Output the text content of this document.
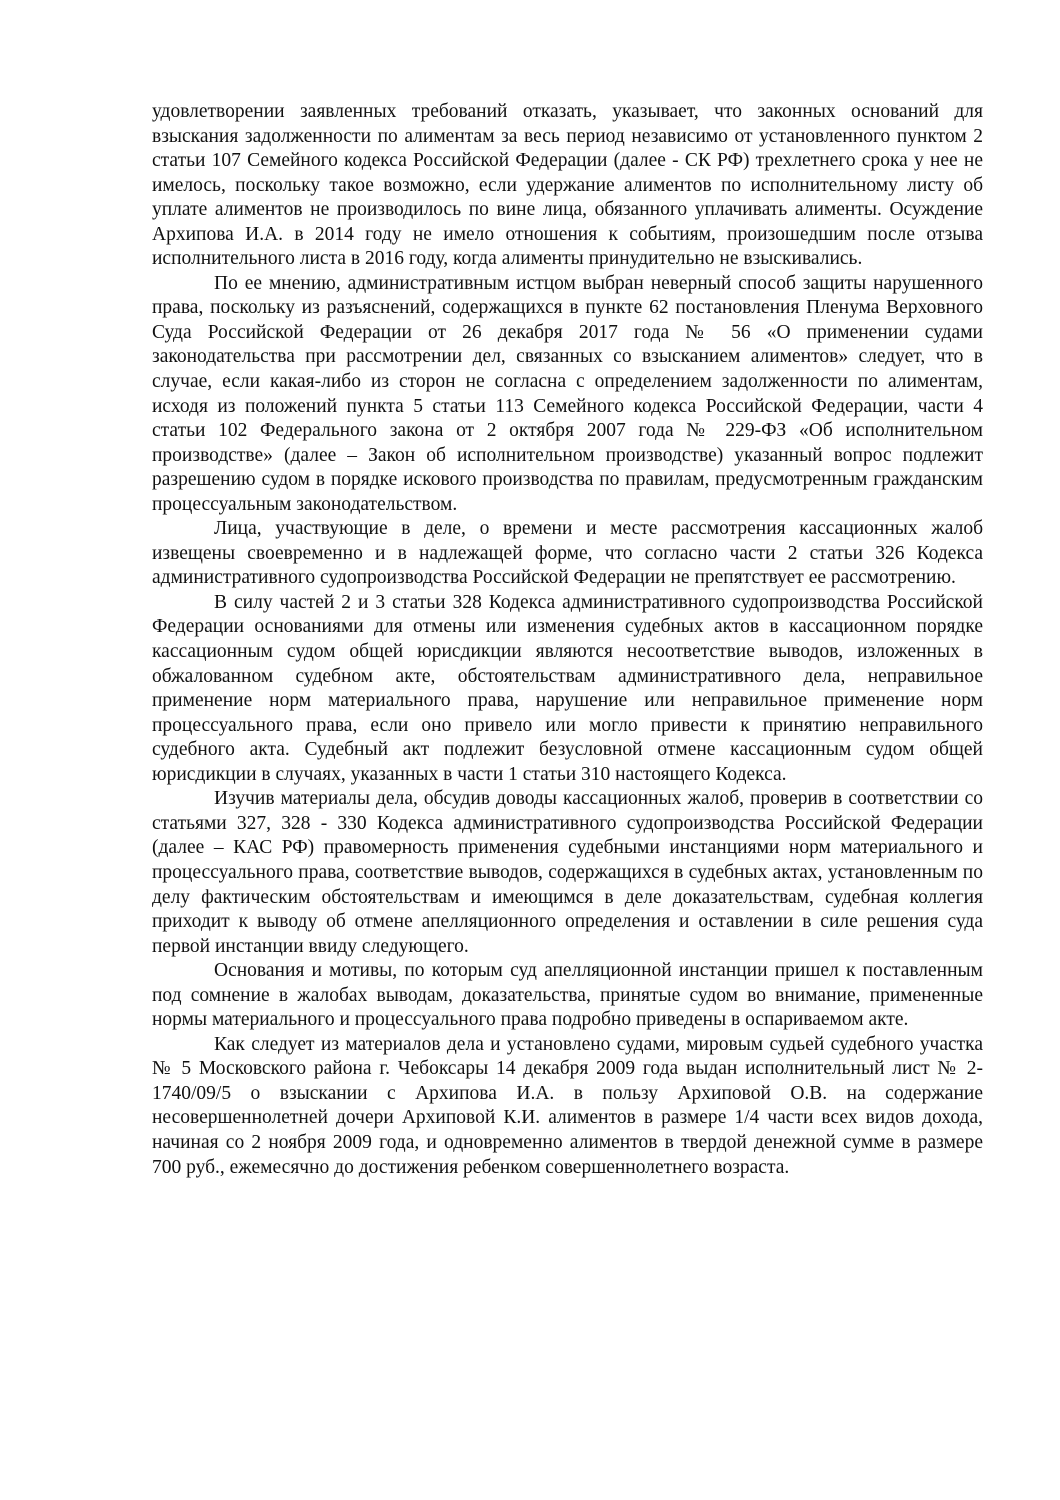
удовлетворении заявленных требований отказать, указывает, что законных оснований для взыскания задолженности по алиментам за весь период независимо от установленного пунктом 2 статьи 107 Семейного кодекса Российской Федерации (далее - СК РФ) трехлетнего срока у нее не имелось, поскольку такое возможно, если удержание алиментов по исполнительному листу об уплате алиментов не производилось по вине лица, обязанного уплачивать алименты. Осуждение Архипова И.А. в 2014 году не имело отношения к событиям, произошедшим после отзыва исполнительного листа в 2016 году, когда алименты принудительно не взыскивались.

По ее мнению, административным истцом выбран неверный способ защиты нарушенного права, поскольку из разъяснений, содержащихся в пункте 62 постановления Пленума Верховного Суда Российской Федерации от 26 декабря 2017 года № 56 «О применении судами законодательства при рассмотрении дел, связанных со взысканием алиментов» следует, что в случае, если какая-либо из сторон не согласна с определением задолженности по алиментам, исходя из положений пункта 5 статьи 113 Семейного кодекса Российской Федерации, части 4 статьи 102 Федерального закона от 2 октября 2007 года № 229-ФЗ «Об исполнительном производстве» (далее – Закон об исполнительном производстве) указанный вопрос подлежит разрешению судом в порядке искового производства по правилам, предусмотренным гражданским процессуальным законодательством.

Лица, участвующие в деле, о времени и месте рассмотрения кассационных жалоб извещены своевременно и в надлежащей форме, что согласно части 2 статьи 326 Кодекса административного судопроизводства Российской Федерации не препятствует ее рассмотрению.

В силу частей 2 и 3 статьи 328 Кодекса административного судопроизводства Российской Федерации основаниями для отмены или изменения судебных актов в кассационном порядке кассационным судом общей юрисдикции являются несоответствие выводов, изложенных в обжалованном судебном акте, обстоятельствам административного дела, неправильное применение норм материального права, нарушение или неправильное применение норм процессуального права, если оно привело или могло привести к принятию неправильного судебного акта. Судебный акт подлежит безусловной отмене кассационным судом общей юрисдикции в случаях, указанных в части 1 статьи 310 настоящего Кодекса.

Изучив материалы дела, обсудив доводы кассационных жалоб, проверив в соответствии со статьями 327, 328 - 330 Кодекса административного судопроизводства Российской Федерации (далее – КАС РФ) правомерность применения судебными инстанциями норм материального и процессуального права, соответствие выводов, содержащихся в судебных актах, установленным по делу фактическим обстоятельствам и имеющимся в деле доказательствам, судебная коллегия приходит к выводу об отмене апелляционного определения и оставлении в силе решения суда первой инстанции ввиду следующего.

Основания и мотивы, по которым суд апелляционной инстанции пришел к поставленным под сомнение в жалобах выводам, доказательства, принятые судом во внимание, примененные нормы материального и процессуального права подробно приведены в оспариваемом акте.

Как следует из материалов дела и установлено судами, мировым судьей судебного участка № 5 Московского района г. Чебоксары 14 декабря 2009 года выдан исполнительный лист № 2-1740/09/5 о взыскании с Архипова И.А. в пользу Архиповой О.В. на содержание несовершеннолетней дочери Архиповой К.И. алиментов в размере 1/4 части всех видов дохода, начиная со 2 ноября 2009 года, и одновременно алиментов в твердой денежной сумме в размере 700 руб., ежемесячно до достижения ребенком совершеннолетнего возраста.
